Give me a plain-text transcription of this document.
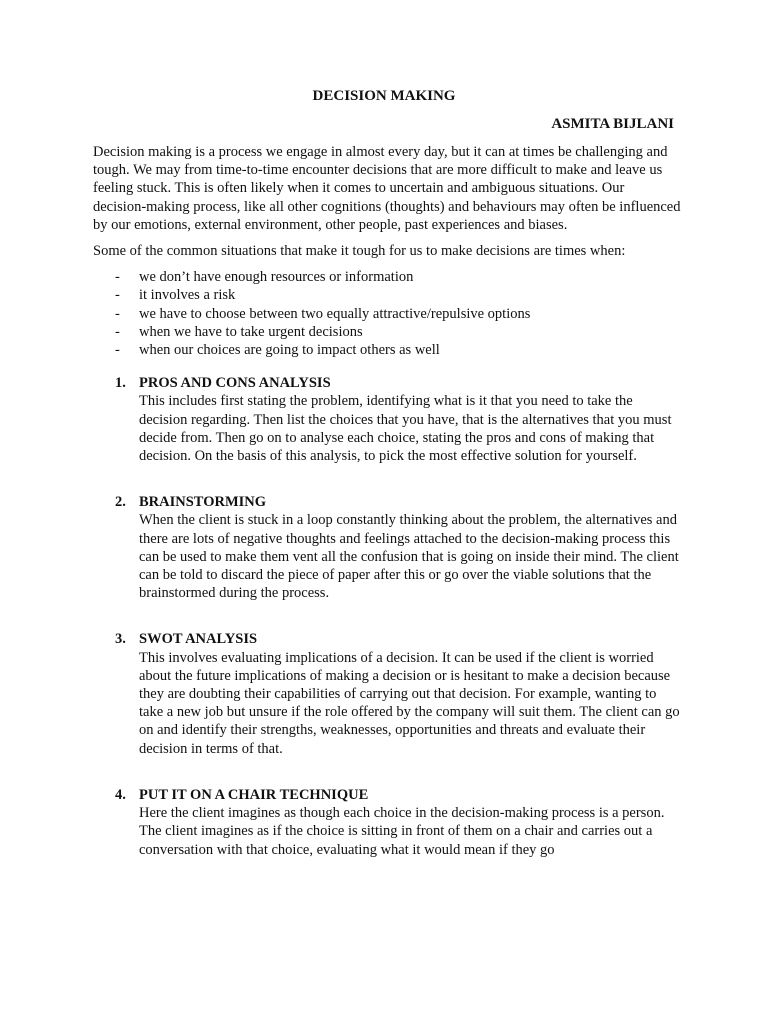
DECISION MAKING
ASMITA BIJLANI

Decision making is a process we engage in almost every day, but it can at times be challenging and tough. We may from time-to-time encounter decisions that are more difficult to make and leave us feeling stuck. This is often likely when it comes to uncertain and ambiguous situations. Our decision-making process, like all other cognitions (thoughts) and behaviours may often be influenced by our emotions, external environment, other people, past experiences and biases.

Some of the common situations that make it tough for us to make decisions are times when:

- we don’t have enough resources or information
- it involves a risk
- we have to choose between two equally attractive/repulsive options
- when we have to take urgent decisions
- when our choices are going to impact others as well
1. PROS AND CONS ANALYSIS

This includes first stating the problem, identifying what is it that you need to take the decision regarding. Then list the choices that you have, that is the alternatives that you must decide from. Then go on to analyse each choice, stating the pros and cons of making that decision. On the basis of this analysis, to pick the most effective solution for yourself.

2. BRAINSTORMING

When the client is stuck in a loop constantly thinking about the problem, the alternatives and there are lots of negative thoughts and feelings attached to the decision-making process this can be used to make them vent all the confusion that is going on inside their mind. The client can be told to discard the piece of paper after this or go over the viable solutions that the brainstormed during the process.

3. SWOT ANALYSIS

This involves evaluating implications of a decision. It can be used if the client is worried about the future implications of making a decision or is hesitant to make a decision because they are doubting their capabilities of carrying out that decision. For example, wanting to take a new job but unsure if the role offered by the company will suit them. The client can go on and identify their strengths, weaknesses, opportunities and threats and evaluate their decision in terms of that.

4. PUT IT ON A CHAIR TECHNIQUE

Here the client imagines as though each choice in the decision-making process is a person. The client imagines as if the choice is sitting in front of them on a chair and carries out a conversation with that choice, evaluating what it would mean if they go
